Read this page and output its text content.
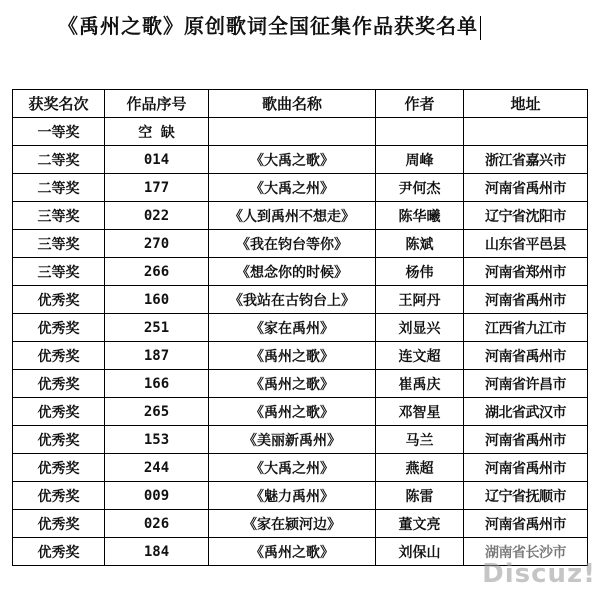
《禹州之歌》原创歌词全国征集作品获奖名单
获奖名次	作品序号	歌曲名称	作者	地址
一等奖	空 缺			
二等奖	014	《大禹之歌》	周峰	浙江省嘉兴市
二等奖	177	《大禹之州》	尹何杰	河南省禹州市
三等奖	022	《人到禹州不想走》	陈华曦	辽宁省沈阳市
三等奖	270	《我在钧台等你》	陈斌	山东省平邑县
三等奖	266	《想念你的时候》	杨伟	河南省郑州市
优秀奖	160	《我站在古钧台上》	王阿丹	河南省禹州市
优秀奖	251	《家在禹州》	刘显兴	江西省九江市
优秀奖	187	《禹州之歌》	连文超	河南省禹州市
优秀奖	166	《禹州之歌》	崔禹庆	河南省许昌市
优秀奖	265	《禹州之歌》	邓智星	湖北省武汉市
优秀奖	153	《美丽新禹州》	马兰	河南省禹州市
优秀奖	244	《大禹之州》	燕超	河南省禹州市
优秀奖	009	《魅力禹州》	陈雷	辽宁省抚顺市
优秀奖	026	《家在颍河边》	董文亮	河南省禹州市
优秀奖	184	《禹州之歌》	刘保山	湖南省长沙市
Discuz!
